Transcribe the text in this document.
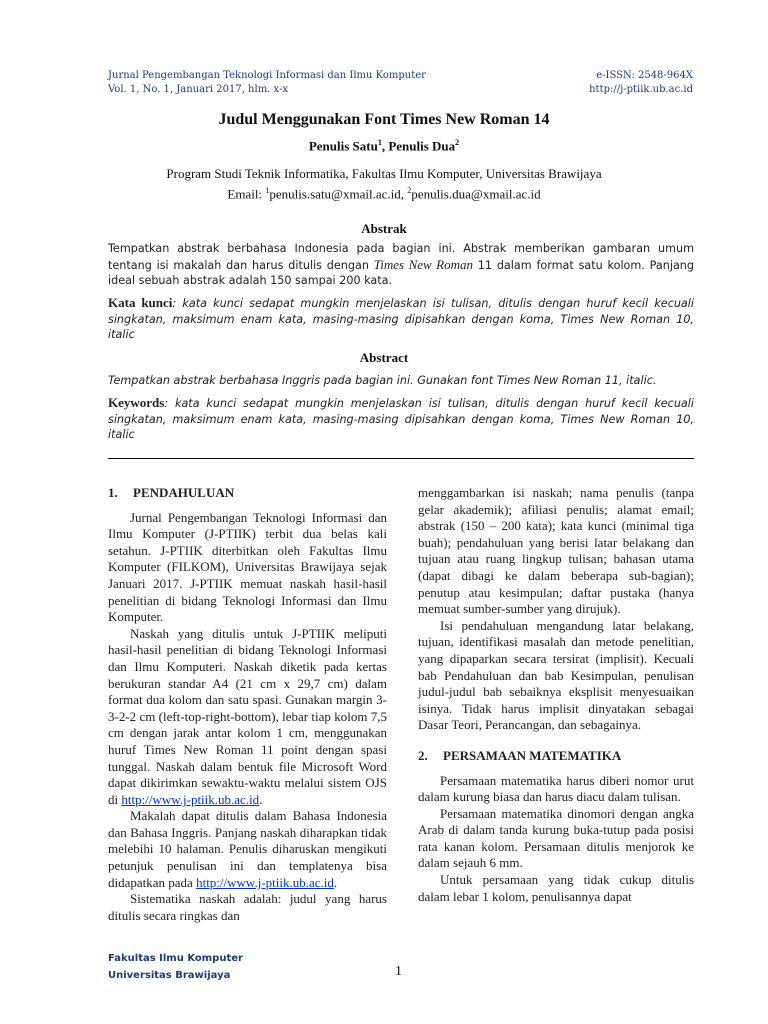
Jurnal Pengembangan Teknologi Informasi dan Ilmu Komputer
Vol. 1, No. 1, Januari 2017, hlm. x-x
e-ISSN: 2548-964X
http://j-ptiik.ub.ac.id
Judul Menggunakan Font Times New Roman 14
Penulis Satu$^1$, Penulis Dua$^2$
Program Studi Teknik Informatika, Fakultas Ilmu Komputer, Universitas Brawijaya
Email: $^1$penulis.satu@xmail.ac.id, $^2$penulis.dua@xmail.ac.id
Abstrak
Tempatkan abstrak berbahasa Indonesia pada bagian ini. Abstrak memberikan gambaran umum tentang isi makalah dan harus ditulis dengan Times New Roman 11 dalam format satu kolom. Panjang ideal sebuah abstrak adalah 150 sampai 200 kata.
Kata kunci: kata kunci sedapat mungkin menjelaskan isi tulisan, ditulis dengan huruf kecil kecuali singkatan, maksimum enam kata, masing-masing dipisahkan dengan koma, Times New Roman 10, italic
Abstract
Tempatkan abstrak berbahasa Inggris pada bagian ini. Gunakan font Times New Roman 11, italic.
Keywords: kata kunci sedapat mungkin menjelaskan isi tulisan, ditulis dengan huruf kecil kecuali singkatan, maksimum enam kata, masing-masing dipisahkan dengan koma, Times New Roman 10, italic
1. PENDAHULUAN

Jurnal Pengembangan Teknologi Informasi dan Ilmu Komputer (J-PTIIK) terbit dua belas kali setahun. J-PTIIK diterbitkan oleh Fakultas Ilmu Komputer (FILKOM), Universitas Brawijaya sejak Januari 2017. J-PTIIK memuat naskah hasil-hasil penelitian di bidang Teknologi Informasi dan Ilmu Komputer.

Naskah yang ditulis untuk J-PTIIK meliputi hasil-hasil penelitian di bidang Teknologi Informasi dan Ilmu Komputeri. Naskah diketik pada kertas berukuran standar A4 (21 cm x 29,7 cm) dalam format dua kolom dan satu spasi. Gunakan margin 3-3-2-2 cm (left-top-right-bottom), lebar tiap kolom 7,5 cm dengan jarak antar kolom 1 cm, menggunakan huruf Times New Roman 11 point dengan spasi tunggal. Naskah dalam bentuk file Microsoft Word dapat dikirimkan sewaktu-waktu melalui sistem OJS di http://www.j-ptiik.ub.ac.id.

Makalah dapat ditulis dalam Bahasa Indonesia dan Bahasa Inggris. Panjang naskah diharapkan tidak melebihi 10 halaman. Penulis diharuskan mengikuti petunjuk penulisan ini dan templatenya bisa didapatkan pada http://www.j-ptiik.ub.ac.id.

Sistematika naskah adalah: judul yang harus ditulis secara ringkas dan

menggambarkan isi naskah; nama penulis (tanpa gelar akademik); afiliasi penulis; alamat email; abstrak (150 – 200 kata); kata kunci (minimal tiga buah); pendahuluan yang berisi latar belakang dan tujuan atau ruang lingkup tulisan; bahasan utama (dapat dibagi ke dalam beberapa sub-bagian); penutup atau kesimpulan; daftar pustaka (hanya memuat sumber-sumber yang dirujuk).

Isi pendahuluan mengandung latar belakang, tujuan, identifikasi masalah dan metode penelitian, yang dipaparkan secara tersirat (implisit). Kecuali bab Pendahuluan dan bab Kesimpulan, penulisan judul-judul bab sebaiknya eksplisit menyesuaikan isinya. Tidak harus implisit dinyatakan sebagai Dasar Teori, Perancangan, dan sebagainya.

2. PERSAMAAN MATEMATIKA

Persamaan matematika harus diberi nomor urut dalam kurung biasa dan harus diacu dalam tulisan.

Persamaan matematika dinomori dengan angka Arab di dalam tanda kurung buka-tutup pada posisi rata kanan kolom. Persamaan ditulis menjorok ke dalam sejauh 6 mm.

Untuk persamaan yang tidak cukup ditulis dalam lebar 1 kolom, penulisannya dapat

Fakultas Ilmu Komputer
Universitas Brawijaya	1
